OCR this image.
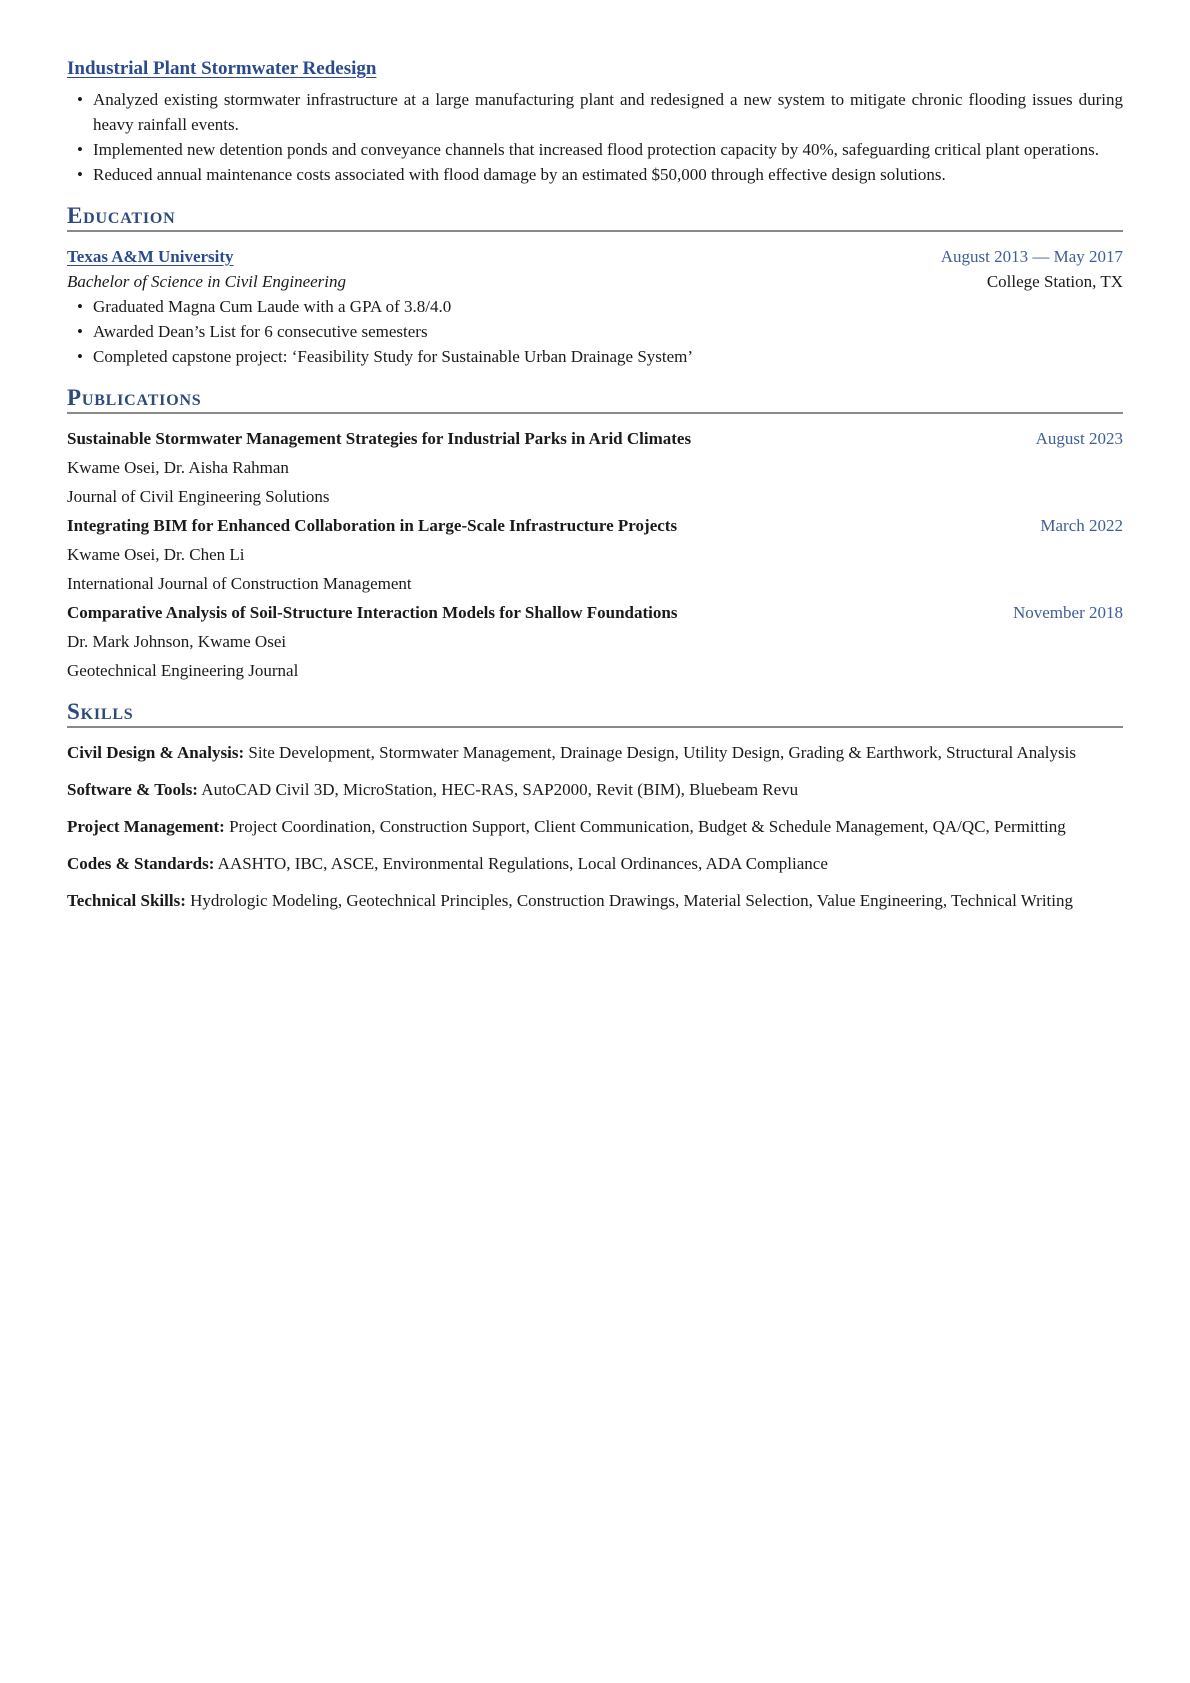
Industrial Plant Stormwater Redesign
• Analyzed existing stormwater infrastructure at a large manufacturing plant and redesigned a new system to mitigate chronic flooding issues during heavy rainfall events.
• Implemented new detention ponds and conveyance channels that increased flood protection capacity by 40%, safeguarding critical plant operations.
• Reduced annual maintenance costs associated with flood damage by an estimated $50,000 through effective design solutions.
Education
Texas A&M University	August 2013 — May 2017
Bachelor of Science in Civil Engineering	College Station, TX
• Graduated Magna Cum Laude with a GPA of 3.8/4.0
• Awarded Dean’s List for 6 consecutive semesters
• Completed capstone project: ‘Feasibility Study for Sustainable Urban Drainage System’
Publications
Sustainable Stormwater Management Strategies for Industrial Parks in Arid Climates	August 2023

Kwame Osei, Dr. Aisha Rahman

Journal of Civil Engineering Solutions

Integrating BIM for Enhanced Collaboration in Large-Scale Infrastructure Projects	March 2022

Kwame Osei, Dr. Chen Li

International Journal of Construction Management

Comparative Analysis of Soil-Structure Interaction Models for Shallow Foundations	November 2018

Dr. Mark Johnson, Kwame Osei

Geotechnical Engineering Journal

Skills

Civil Design & Analysis: Site Development, Stormwater Management, Drainage Design, Utility Design, Grading & Earthwork, Structural Analysis

Software & Tools: AutoCAD Civil 3D, MicroStation, HEC-RAS, SAP2000, Revit (BIM), Bluebeam Revu

Project Management: Project Coordination, Construction Support, Client Communication, Budget & Schedule Management, QA/QC, Permitting

Codes & Standards: AASHTO, IBC, ASCE, Environmental Regulations, Local Ordinances, ADA Compliance

Technical Skills: Hydrologic Modeling, Geotechnical Principles, Construction Drawings, Material Selection, Value Engineering, Technical Writing
